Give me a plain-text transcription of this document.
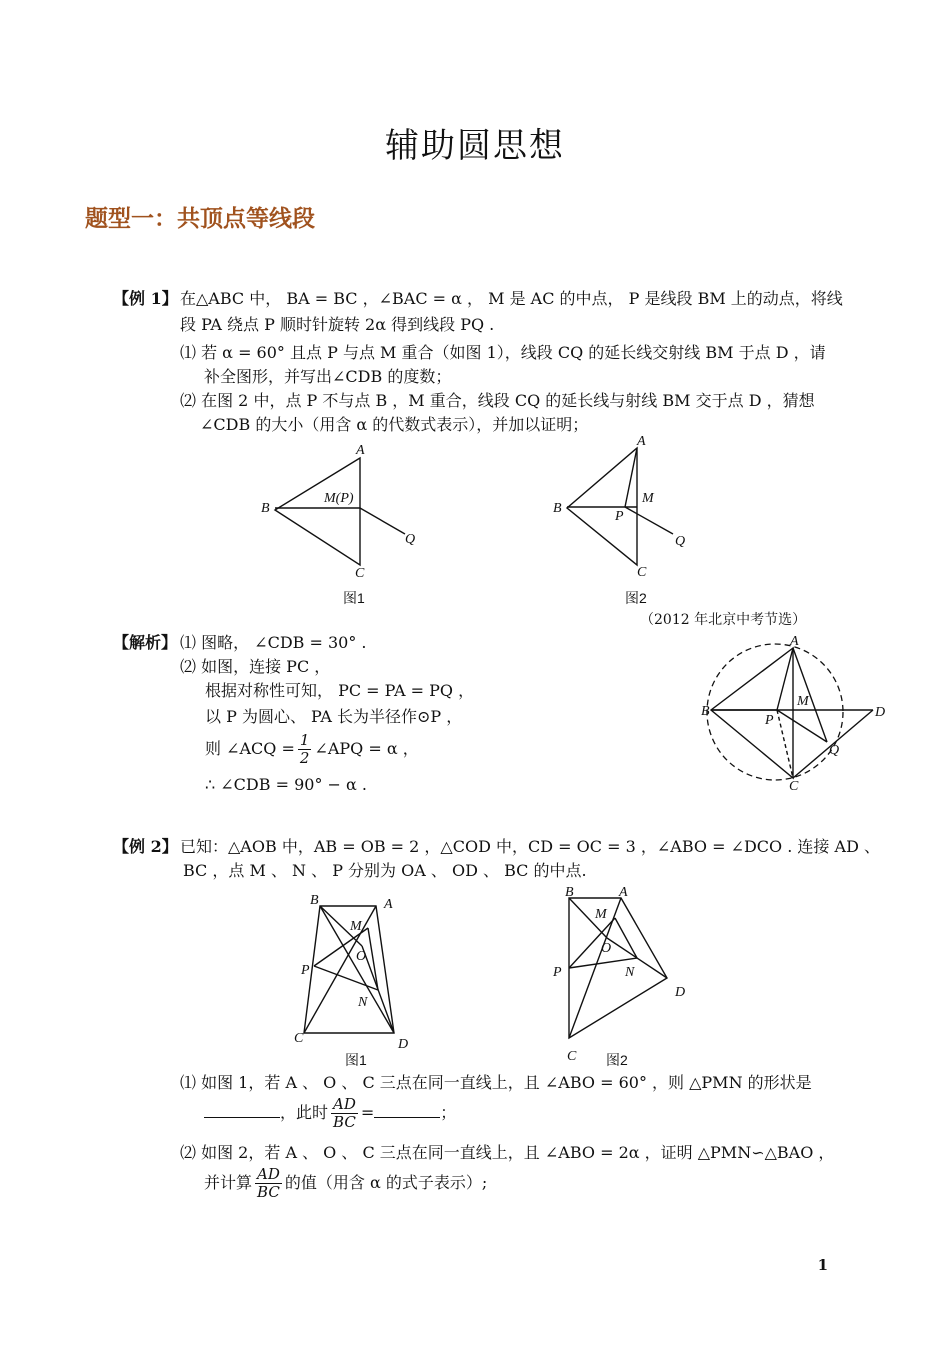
辅助圆思想
题型一：共顶点等线段
【例 1】 在△ABC 中， BA = BC ，∠BAC = α ， M 是 AC 的中点， P 是线段 BM 上的动点，将线
段 PA 绕点 P 顺时针旋转 2α 得到线段 PQ .
⑴ 若 α = 60° 且点 P 与点 M 重合（如图 1），线段 CQ 的延长线交射线 BM 于点 D ，请
补全图形，并写出∠CDB 的度数；
⑵ 在图 2 中，点 P 不与点 B ，M 重合，线段 CQ 的延长线与射线 BM 交于点 D ，猜想
∠CDB 的大小（用含 α 的代数式表示），并加以证明；
A
B
M(P)
Q
C
图1
A
B
M
P
Q
C
图2
（2012 年北京中考节选）
【解析】 ⑴ 图略， ∠CDB = 30° .
⑵ 如图，连接 PC ，
根据对称性可知， PC = PA = PQ ，
以 P 为圆心、 PA 长为半径作⊙P ，
则 ∠ACQ = $\frac{1}{2}$ ∠APQ = α ，
∴ ∠CDB = 90° − α .
A
B
M
P
Q
C
D
【例 2】 已知：△AOB 中，AB = OB = 2 ，△COD 中，CD = OC = 3 ，∠ABO = ∠DCO . 连接 AD 、
BC ，点 M 、 N 、 P 分别为 OA 、 OD 、 BC 的中点.
B	A
M
O
P
N
C	D
图1
B	A
M
O
P	N
C
D
图2
⑴ 如图 1，若 A 、 O 、 C 三点在同一直线上，且 ∠ABO = 60° ，则 △PMN 的形状是
，此时 $\frac{AD}{BC}$ =	；
⑵ 如图 2，若 A 、 O 、 C 三点在同一直线上，且 ∠ABO = 2α ，证明 △PMN∽△BAO ，
并计算 $\frac{AD}{BC}$ 的值（用含 α 的式子表示）;
1
